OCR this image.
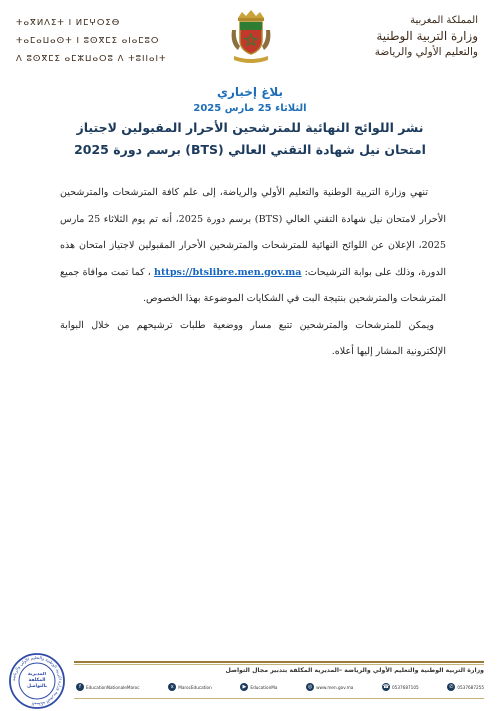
ⵜⴰⴳⵍⴷⵉⵜ ⵏ ⵍⵎⵖⵔⵉⴱ
ⵜⴰⵎⴰⵡⴰⵙⵜ ⵏ ⵓⵙⴳⵎⵉ ⴰⵏⴰⵎⵓⵔ
ⴷ ⵓⵙⴳⵎⵉ ⴰⵎⵣⵡⴰⵔⵓ ⴷ ⵜⵓⵏⵏⴰⵏⵜ
المملكة المغربية
وزارة التربية الوطنية
والتعليم الأولي والرياضة
بلاغ إخباري
الثلاثاء 25 مارس 2025
نشر اللوائح النهائية للمترشحين الأحرار المقبولين لاجتياز
امتحان نيل شهادة التقني العالي (BTS) برسم دورة 2025

تنهي وزارة التربية الوطنية والتعليم الأولي والرياضة، إلى علم كافة المترشحات والمترشحين الأحرار لامتحان نيل شهادة التقني العالي (BTS) برسم دورة 2025، أنه تم يوم الثلاثاء 25 مارس 2025، الإعلان عن اللوائح النهائية للمترشحات والمترشحين الأحرار المقبولين لاجتياز امتحان هذه الدورة، وذلك على بوابة الترشيحات: https://btslibre.men.gov.ma ، كما تمت موافاة جميع المترشحات والمترشحين بنتيجة البت في الشكايات الموضوعة بهذا الخصوص.

ويمكن للمترشحات والمترشحين تتبع مسار ووضعية طلبات ترشيحهم من خلال البوابة الإلكترونية المشار إليها أعلاه.

المملكة المغربية وزارة التربية الوطنية والتعليم الأولي والرياضة
المديرية المكلفة بالتواصل
وزارة التربية الوطنية والتعليم الأولي والرياضة –المديرية المكلفة بتدبير مجال التواصل
f	EducationNationaleMaroc	x	MarocEducation	▶ EducationMa	◎ www.men.gov.ma	☎ 0537687105	✆ 0537687255
